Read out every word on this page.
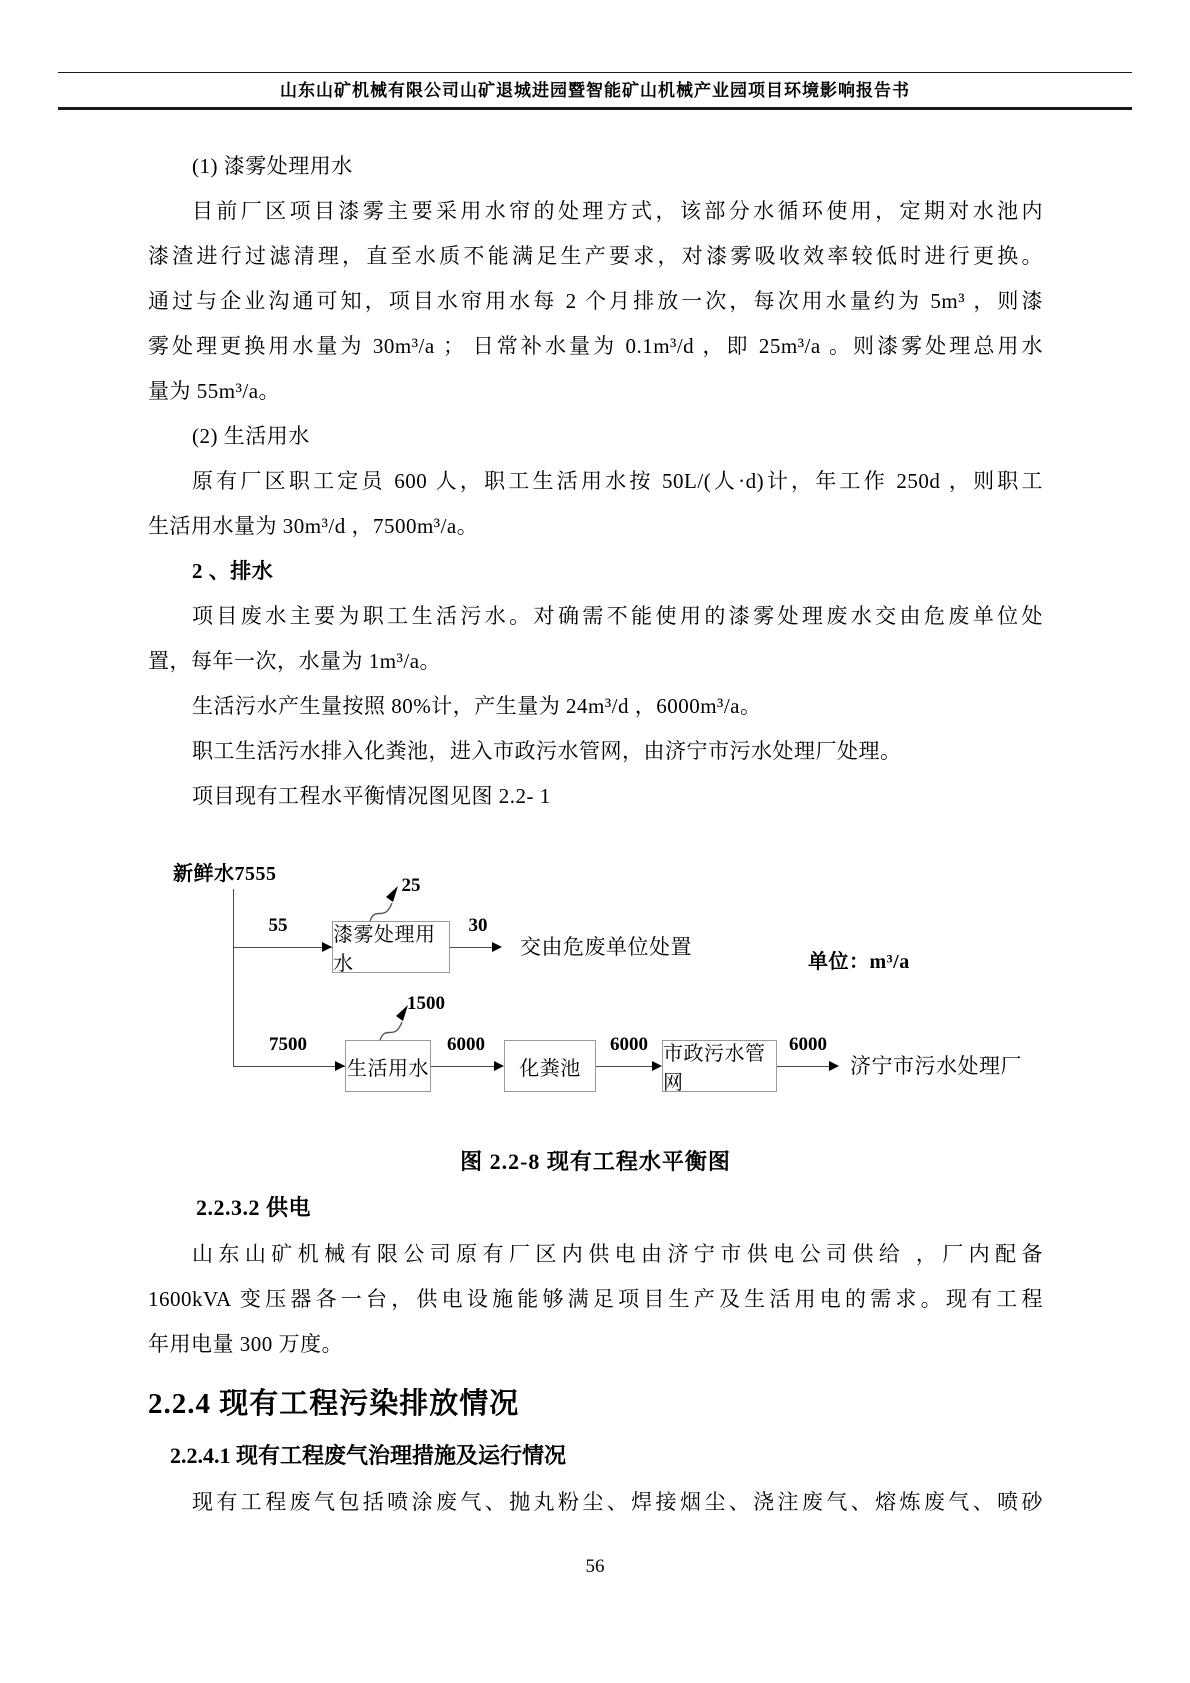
山东山矿机械有限公司山矿退城进园暨智能矿山机械产业园项目环境影响报告书
(1) 漆雾处理用水
目前厂区项目漆雾主要采用水帘的处理方式，该部分水循环使用，定期对水池内
漆渣进行过滤清理，直至水质不能满足生产要求，对漆雾吸收效率较低时进行更换。
通过与企业沟通可知，项目水帘用水每 2 个月排放一次，每次用水量约为 5m³ ，则漆
雾处理更换用水量为 30m³/a ； 日常补水量为 0.1m³/d ，即 25m³/a 。则漆雾处理总用水
量为 55m³/a。
(2) 生活用水
原有厂区职工定员 600 人，职工生活用水按 50L/(人·d)计，年工作 250d ，则职工
生活用水量为 30m³/d ，7500m³/a。
2 、排水
项目废水主要为职工生活污水。对确需不能使用的漆雾处理废水交由危废单位处
置，每年一次，水量为 1m³/a。
生活污水产生量按照 80%计，产生量为 24m³/d ，6000m³/a。
职工生活污水排入化粪池，进入市政污水管网，由济宁市污水处理厂处理。
项目现有工程水平衡情况图见图 2.2- 1
新鲜水7555
55	漆雾处理用水
25
30
交由危废单位处置
单位：m³/a
7500
生活用水
1500
6000
化粪池
6000 市政污水管网
6000
济宁市污水处理厂
图 2.2-8 现有工程水平衡图
2.2.3.2 供电
山东山矿机械有限公司原有厂区内供电由济宁市供电公司供给 ，厂内配备
1600kVA 变压器各一台，供电设施能够满足项目生产及生活用电的需求。现有工程
年用电量 300 万度。
2.2.4 现有工程污染排放情况
2.2.4.1 现有工程废气治理措施及运行情况
现有工程废气包括喷涂废气、抛丸粉尘、焊接烟尘、浇注废气、熔炼废气、喷砂
56
